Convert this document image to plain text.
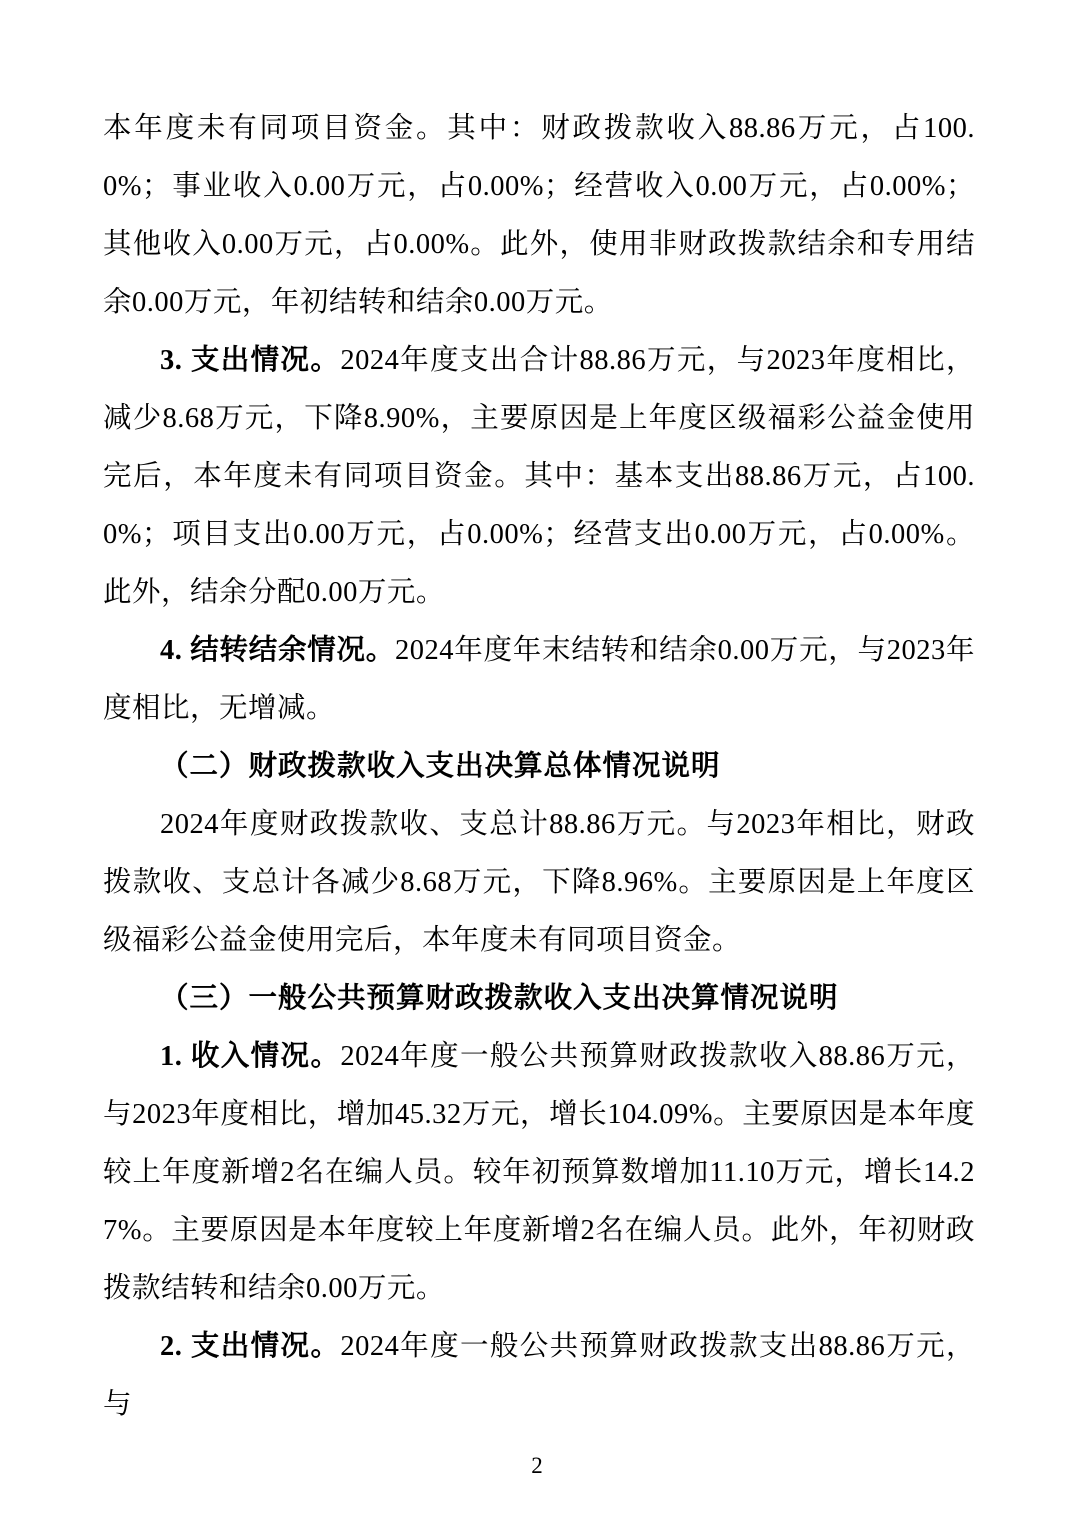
本年度未有同项目资金。其中：财政拨款收入88.86万元，占100.0%；事业收入0.00万元，占0.00%；经营收入0.00万元，占0.00%；其他收入0.00万元，占0.00%。此外，使用非财政拨款结余和专用结余0.00万元，年初结转和结余0.00万元。

3. 支出情况。2024年度支出合计88.86万元，与2023年度相比，减少8.68万元，下降8.90%，主要原因是上年度区级福彩公益金使用完后，本年度未有同项目资金。其中：基本支出88.86万元，占100.0%；项目支出0.00万元，占0.00%；经营支出0.00万元，占0.00%。此外，结余分配0.00万元。

4. 结转结余情况。2024年度年末结转和结余0.00万元，与2023年度相比，无增减。

（二）财政拨款收入支出决算总体情况说明

2024年度财政拨款收、支总计88.86万元。与2023年相比，财政拨款收、支总计各减少8.68万元，下降8.96%。主要原因是上年度区级福彩公益金使用完后，本年度未有同项目资金。

（三）一般公共预算财政拨款收入支出决算情况说明

1. 收入情况。2024年度一般公共预算财政拨款收入88.86万元，与2023年度相比，增加45.32万元，增长104.09%。主要原因是本年度较上年度新增2名在编人员。较年初预算数增加11.10万元，增长14.27%。主要原因是本年度较上年度新增2名在编人员。此外，年初财政拨款结转和结余0.00万元。

2. 支出情况。2024年度一般公共预算财政拨款支出88.86万元，与

2
